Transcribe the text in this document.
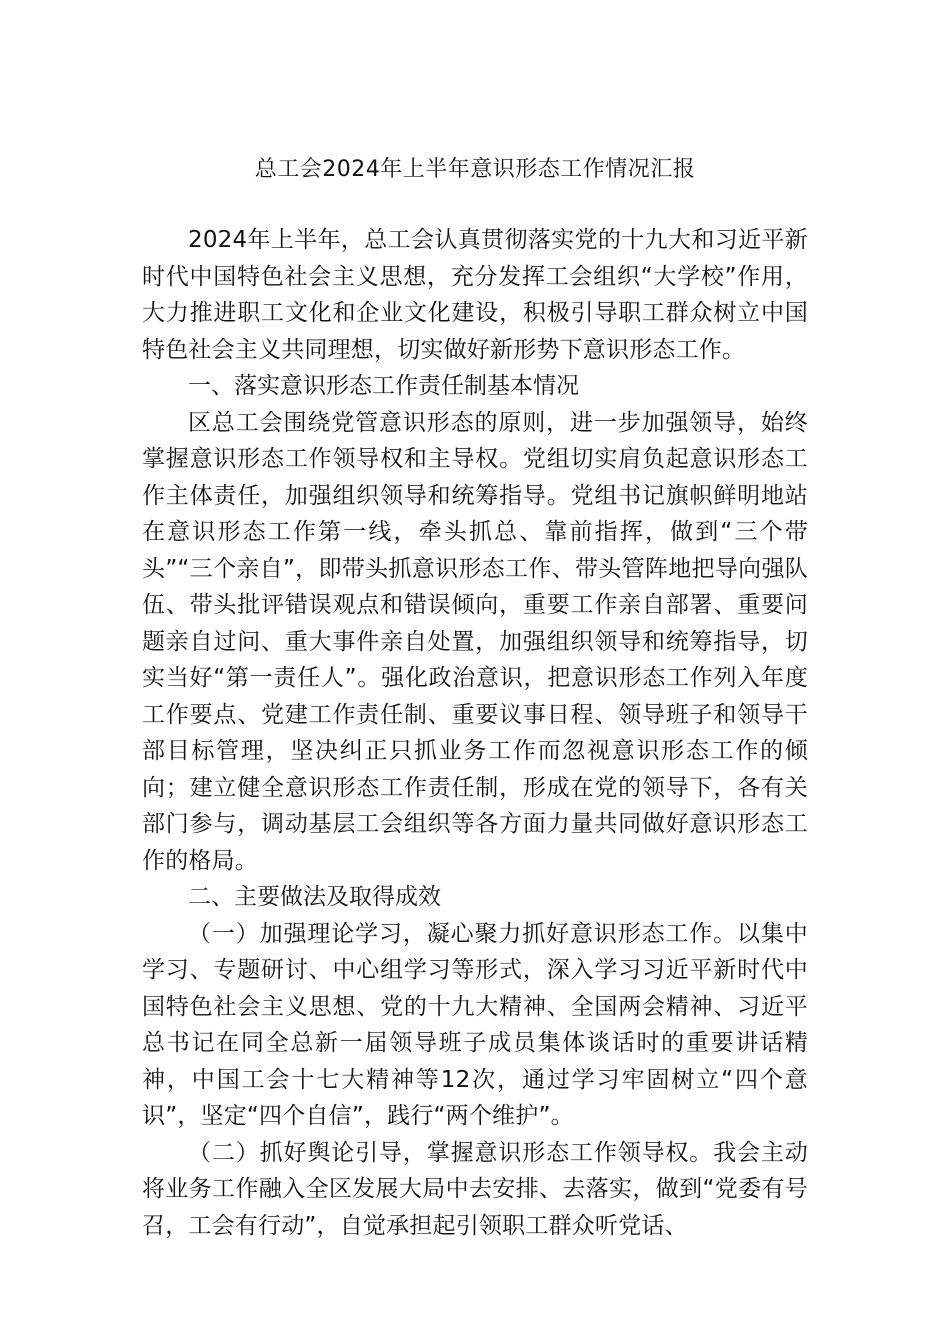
总工会2024年上半年意识形态工作情况汇报

2024年上半年，总工会认真贯彻落实党的十九大和习近平新时代中国特色社会主义思想，充分发挥工会组织“大学校”作用，大力推进职工文化和企业文化建设，积极引导职工群众树立中国特色社会主义共同理想，切实做好新形势下意识形态工作。

一、落实意识形态工作责任制基本情况

区总工会围绕党管意识形态的原则，进一步加强领导，始终掌握意识形态工作领导权和主导权。党组切实肩负起意识形态工作主体责任，加强组织领导和统筹指导。党组书记旗帜鲜明地站在意识形态工作第一线，牵头抓总、靠前指挥，做到“三个带头”“三个亲自”，即带头抓意识形态工作、带头管阵地把导向强队伍、带头批评错误观点和错误倾向，重要工作亲自部署、重要问题亲自过问、重大事件亲自处置，加强组织领导和统筹指导，切实当好“第一责任人”。强化政治意识，把意识形态工作列入年度工作要点、党建工作责任制、重要议事日程、领导班子和领导干部目标管理，坚决纠正只抓业务工作而忽视意识形态工作的倾向；建立健全意识形态工作责任制，形成在党的领导下，各有关部门参与，调动基层工会组织等各方面力量共同做好意识形态工作的格局。

二、主要做法及取得成效

（一）加强理论学习，凝心聚力抓好意识形态工作。以集中学习、专题研讨、中心组学习等形式，深入学习习近平新时代中国特色社会主义思想、党的十九大精神、全国两会精神、习近平总书记在同全总新一届领导班子成员集体谈话时的重要讲话精神，中国工会十七大精神等12次，通过学习牢固树立“四个意识”，坚定“四个自信”，践行“两个维护”。

（二）抓好舆论引导，掌握意识形态工作领导权。我会主动将业务工作融入全区发展大局中去安排、去落实，做到“党委有号召，工会有行动”，自觉承担起引领职工群众听党话、
